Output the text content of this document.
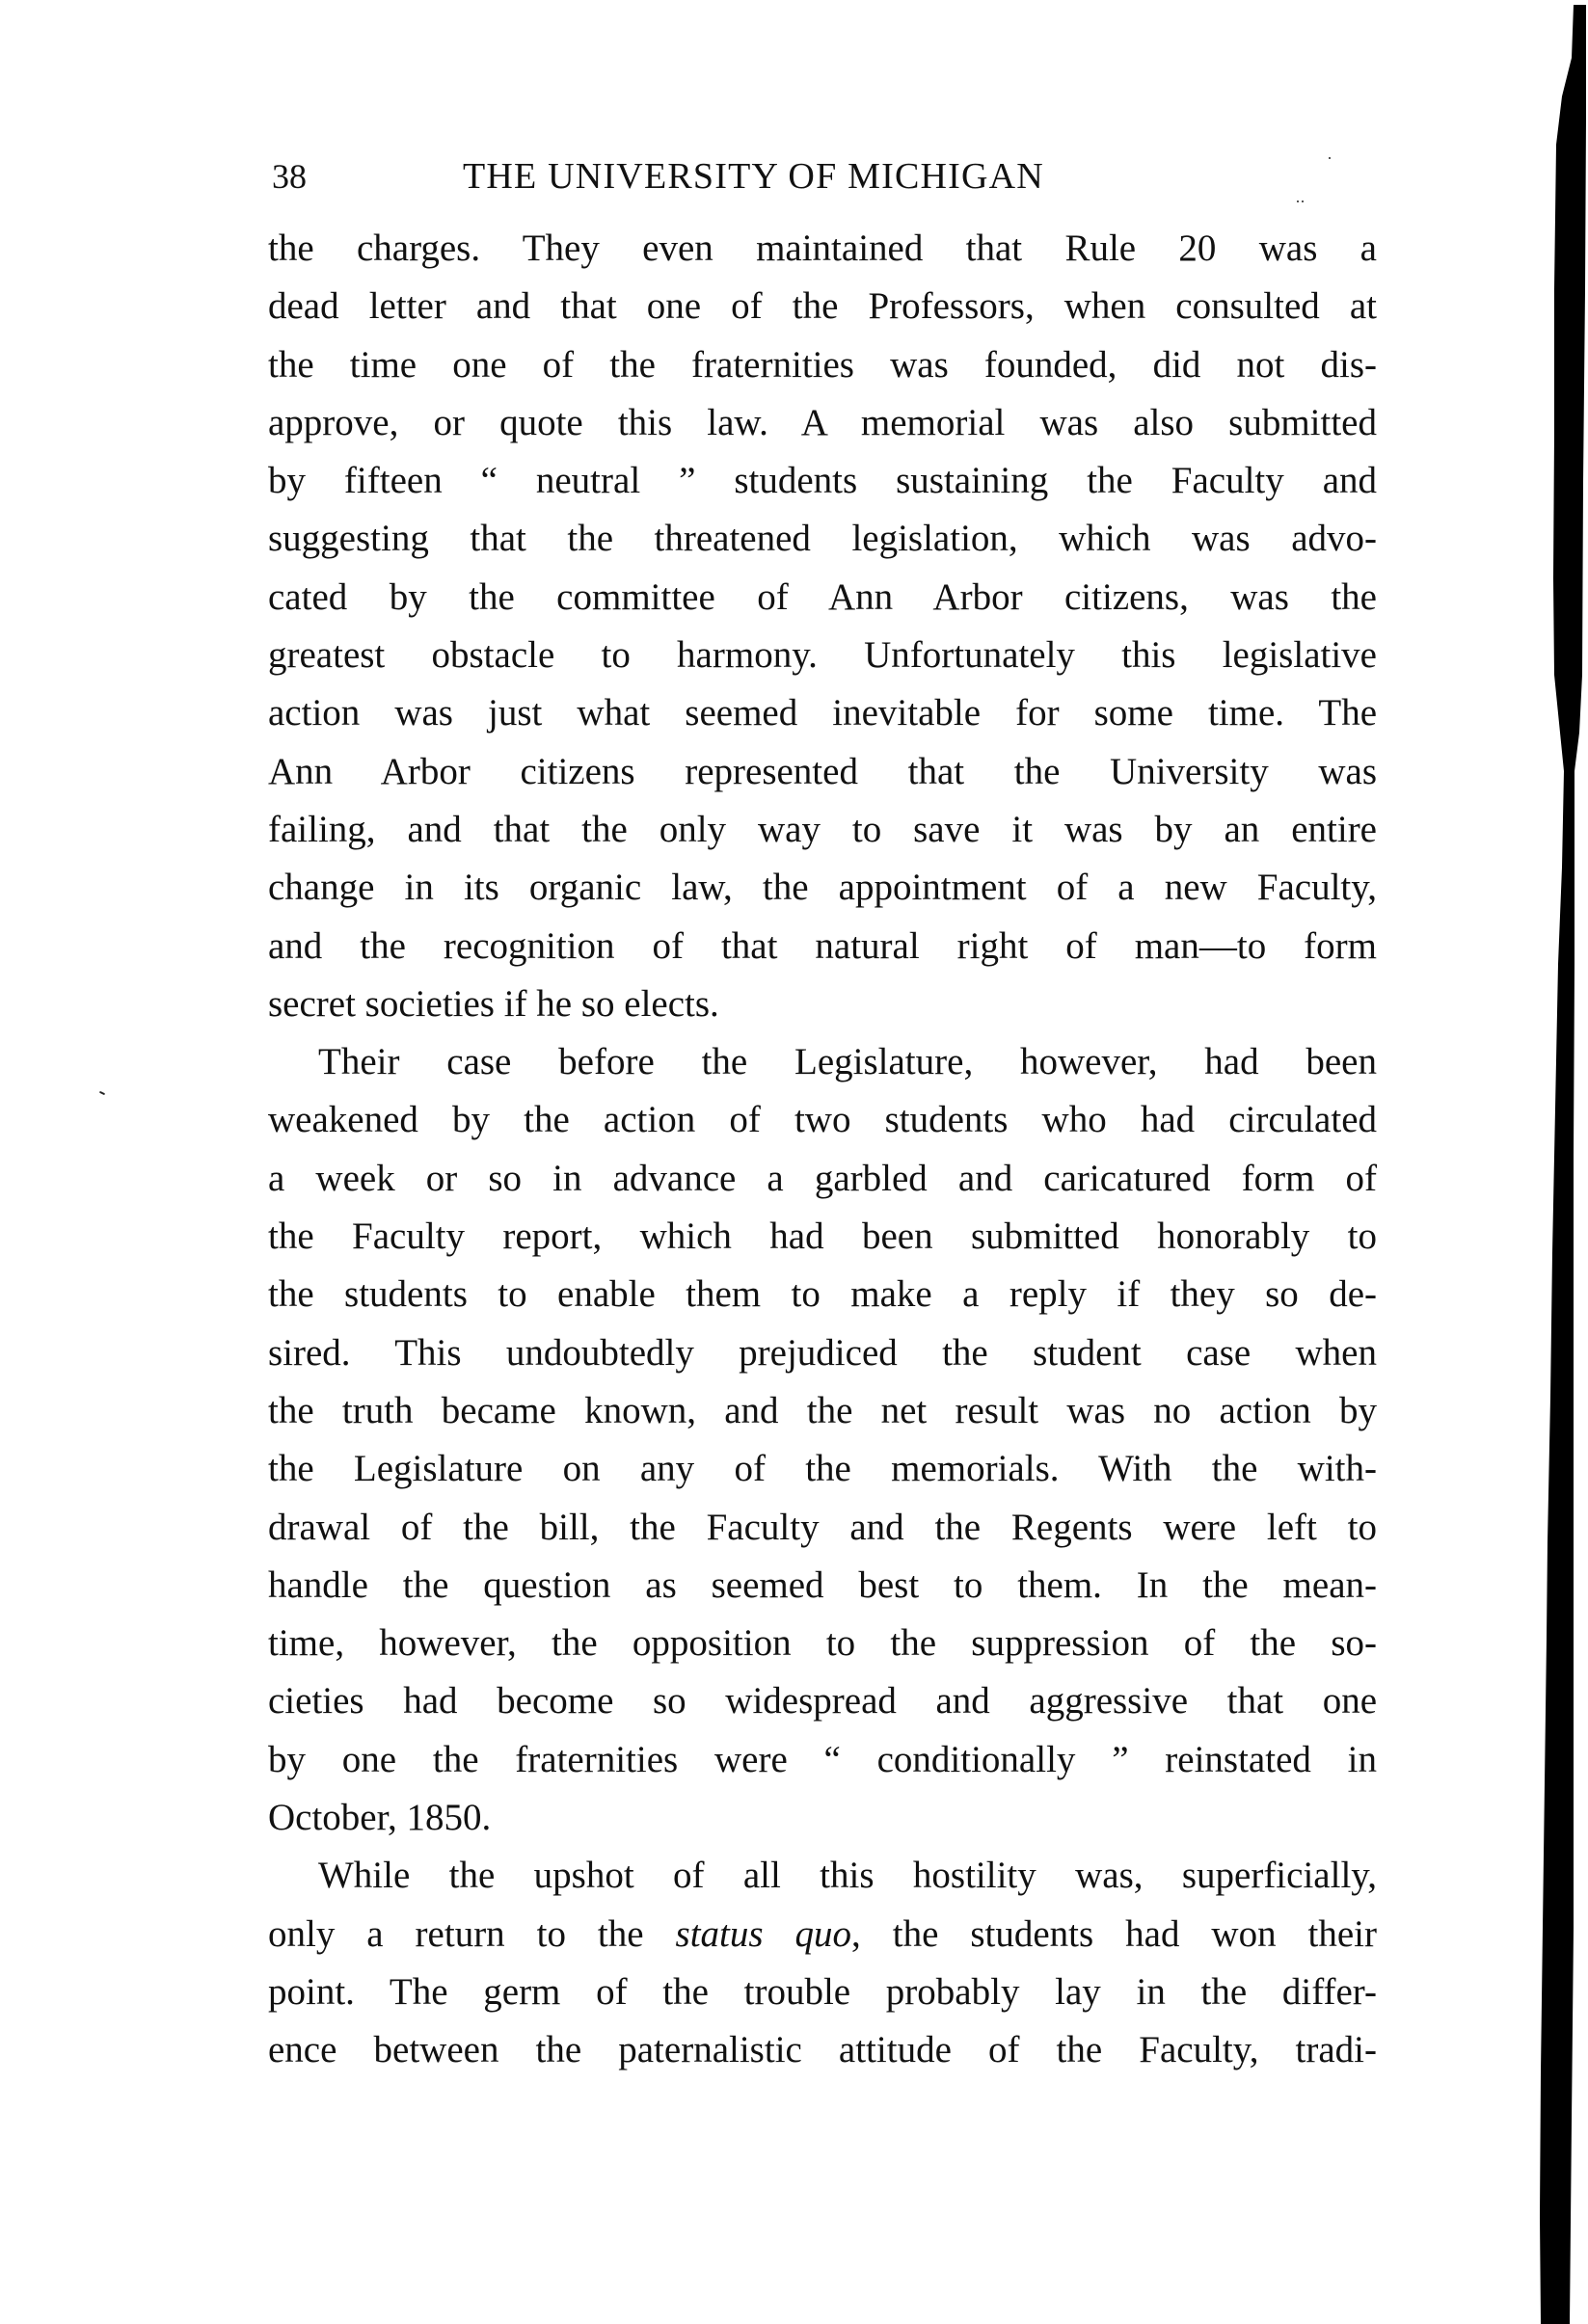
38	THE UNIVERSITY OF MICHIGAN
the charges. They even maintained that Rule 20 was a
dead letter and that one of the Professors, when consulted at
the time one of the fraternities was founded, did not dis-
approve, or quote this law. A memorial was also submitted
by fifteen “ neutral ” students sustaining the Faculty and
suggesting that the threatened legislation, which was advo-
cated by the committee of Ann Arbor citizens, was the
greatest obstacle to harmony. Unfortunately this legislative
action was just what seemed inevitable for some time. The
Ann Arbor citizens represented that the University was
failing, and that the only way to save it was by an entire
change in its organic law, the appointment of a new Faculty,
and the recognition of that natural right of man—to form
secret societies if he so elects.
Their case before the Legislature, however, had been
weakened by the action of two students who had circulated
a week or so in advance a garbled and caricatured form of
the Faculty report, which had been submitted honorably to
the students to enable them to make a reply if they so de-
sired. This undoubtedly prejudiced the student case when
the truth became known, and the net result was no action by
the Legislature on any of the memorials. With the with-
drawal of the bill, the Faculty and the Regents were left to
handle the question as seemed best to them. In the mean-
time, however, the opposition to the suppression of the so-
cieties had become so widespread and aggressive that one
by one the fraternities were “ conditionally ” reinstated in
October, 1850.
While the upshot of all this hostility was, superficially,
only a return to the status quo, the students had won their
point. The germ of the trouble probably lay in the differ-
ence between the paternalistic attitude of the Faculty, tradi-
